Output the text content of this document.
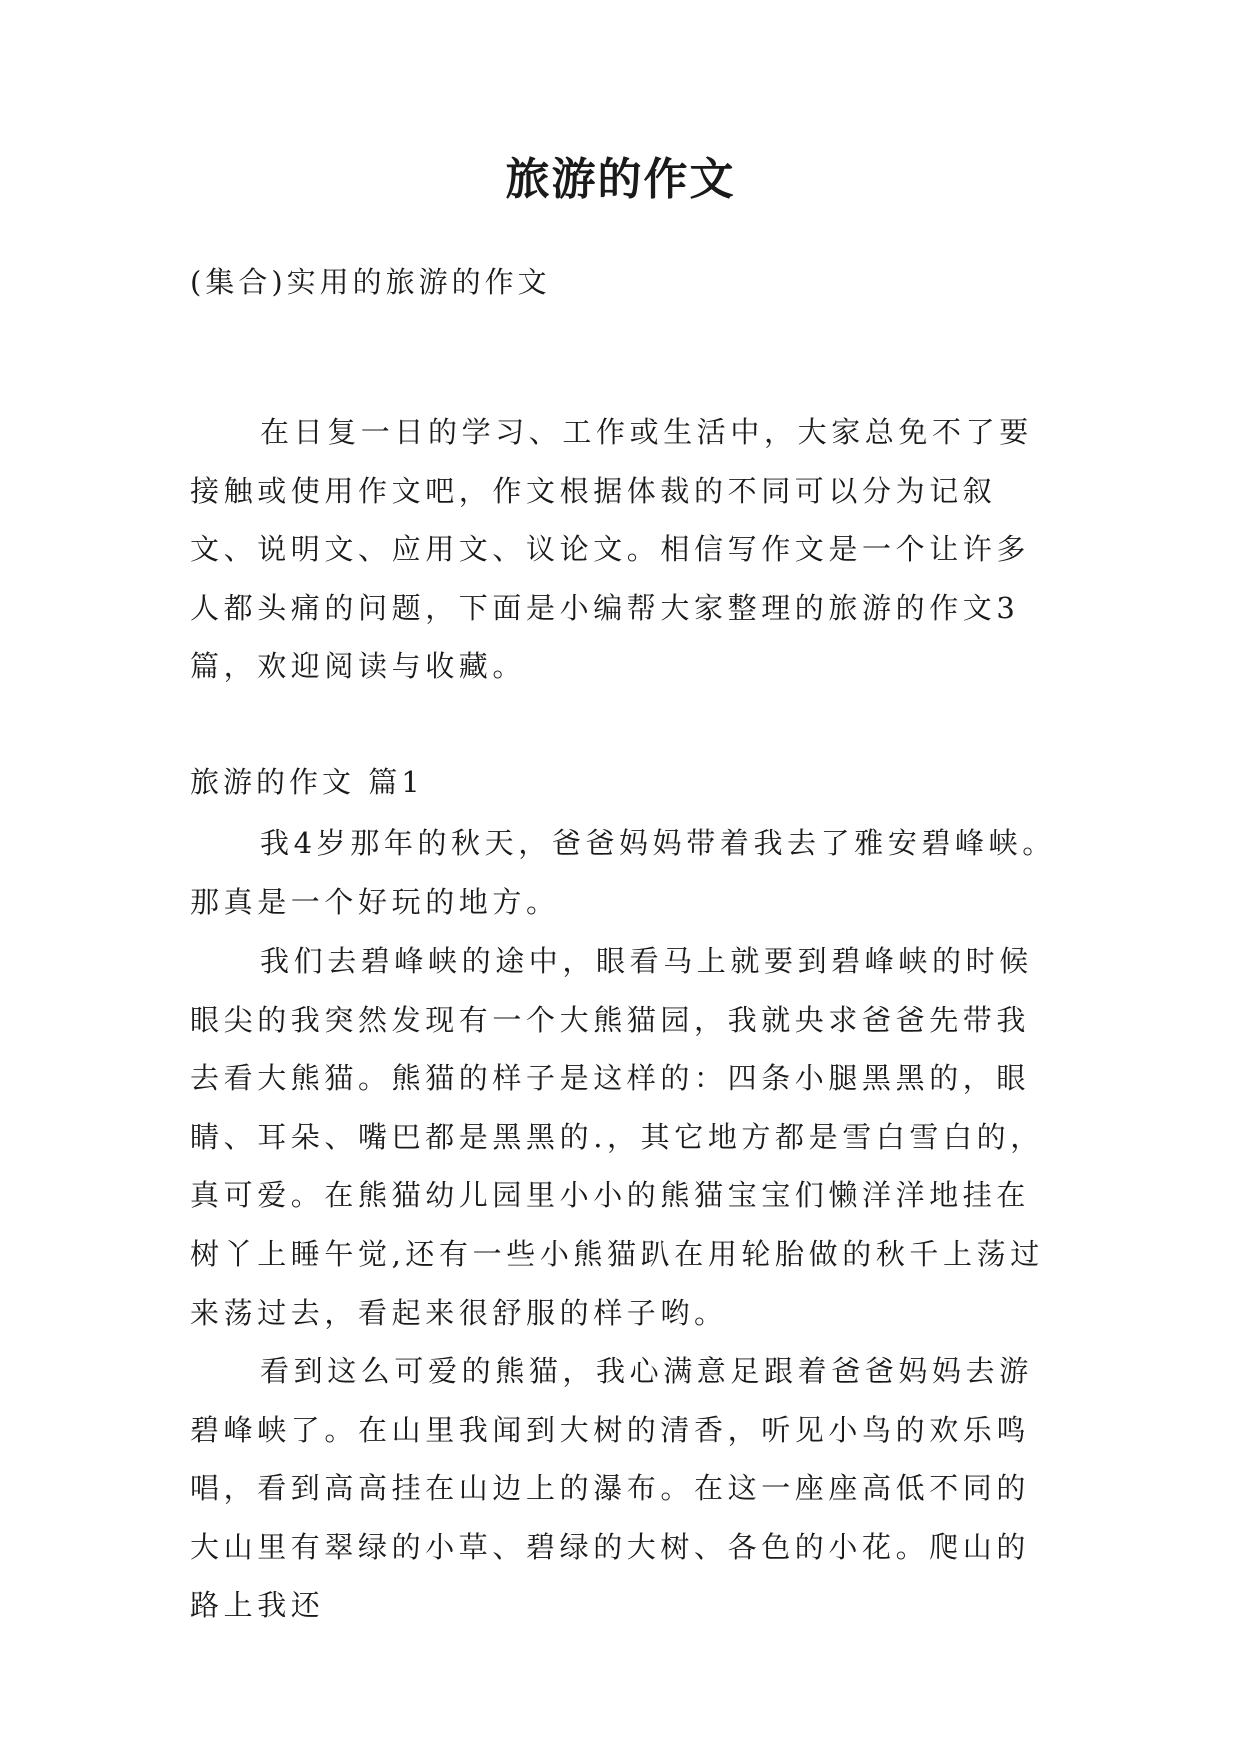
旅游的作文
(集合)实用的旅游的作文

在日复一日的学习、工作或生活中，大家总免不了要接触或使用作文吧，作文根据体裁的不同可以分为记叙文、说明文、应用文、议论文。相信写作文是一个让许多人都头痛的问题，下面是小编帮大家整理的旅游的作文3篇，欢迎阅读与收藏。

旅游的作文 篇1

我4岁那年的秋天，爸爸妈妈带着我去了雅安碧峰峡。那真是一个好玩的地方。

我们去碧峰峡的途中，眼看马上就要到碧峰峡的时候眼尖的我突然发现有一个大熊猫园，我就央求爸爸先带我去看大熊猫。熊猫的样子是这样的：四条小腿黑黑的，眼睛、耳朵、嘴巴都是黑黑的.，其它地方都是雪白雪白的，真可爱。在熊猫幼儿园里小小的熊猫宝宝们懒洋洋地挂在树丫上睡午觉,还有一些小熊猫趴在用轮胎做的秋千上荡过来荡过去，看起来很舒服的样子哟。

看到这么可爱的熊猫，我心满意足跟着爸爸妈妈去游碧峰峡了。在山里我闻到大树的清香，听见小鸟的欢乐鸣唱，看到高高挂在山边上的瀑布。在这一座座高低不同的大山里有翠绿的小草、碧绿的大树、各色的小花。爬山的路上我还
